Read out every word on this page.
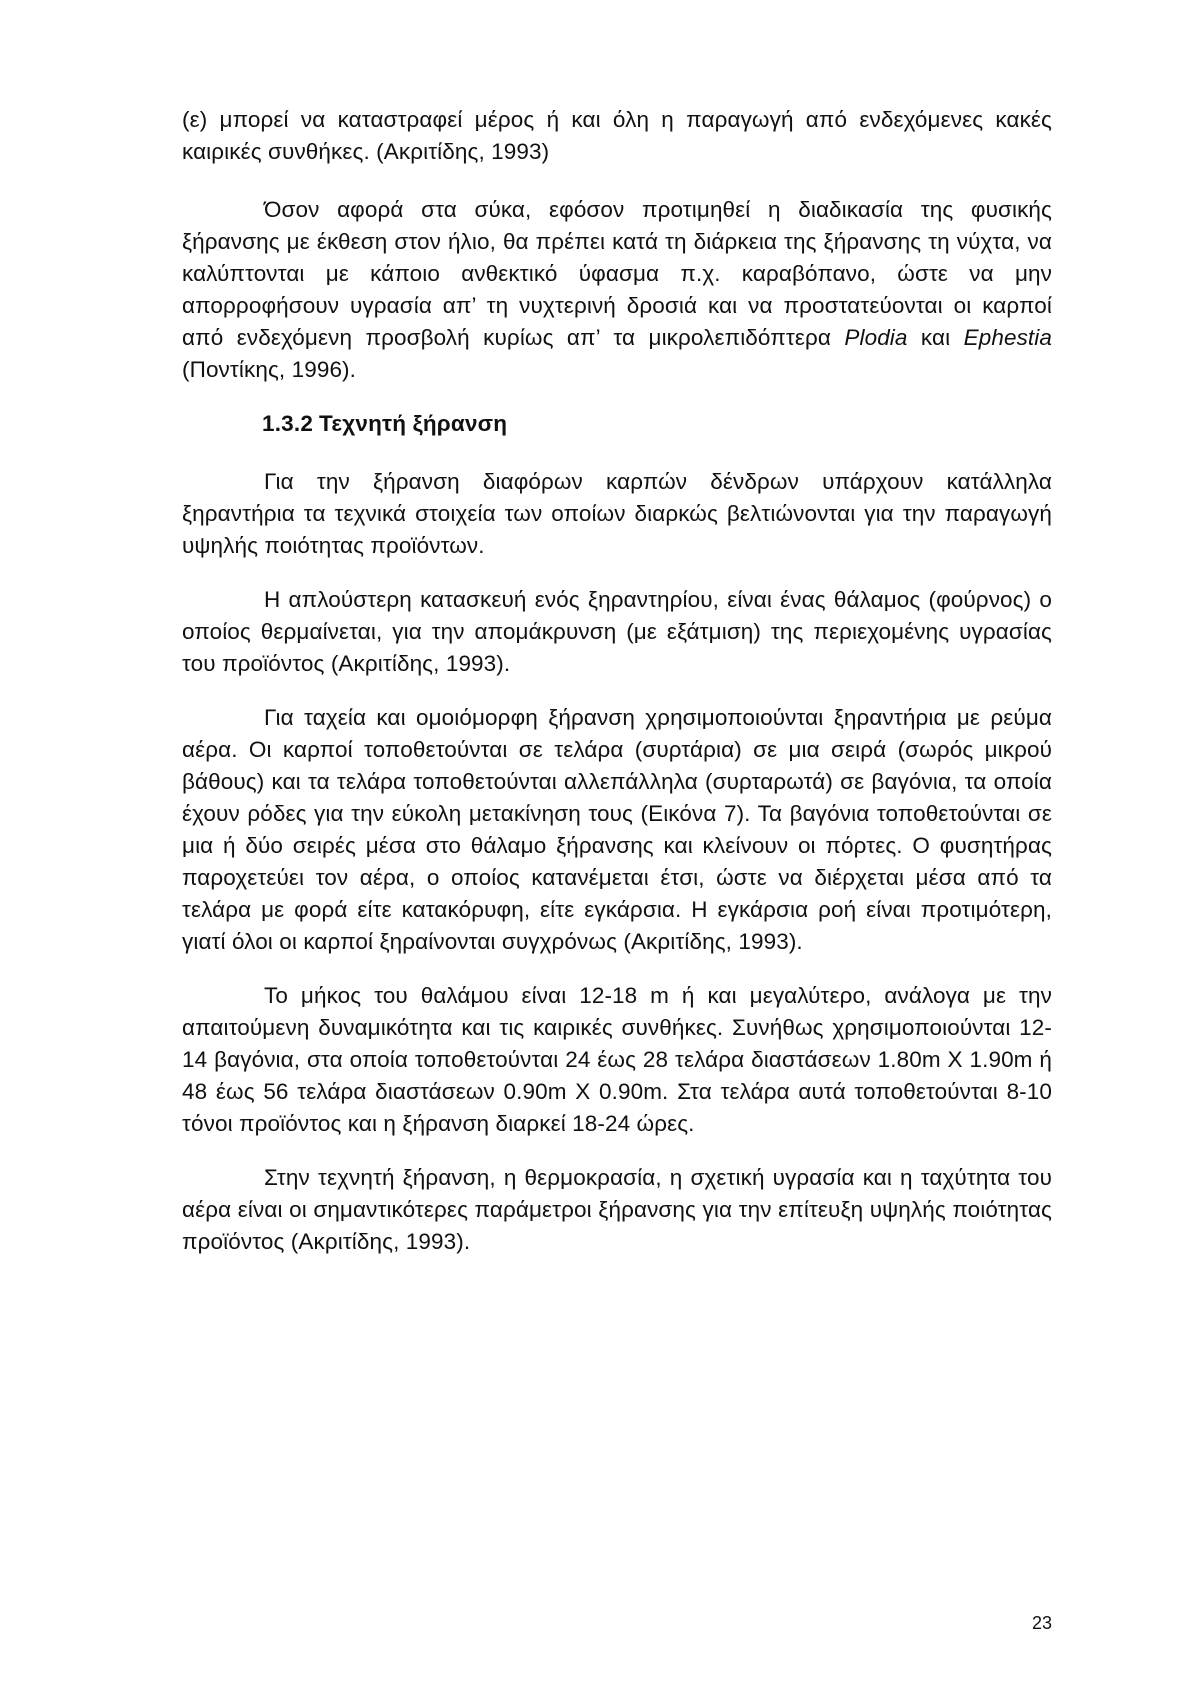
(ε) μπορεί να καταστραφεί μέρος ή και όλη η παραγωγή από ενδεχόμενες κακές καιρικές συνθήκες. (Ακριτίδης, 1993)

Όσον αφορά στα σύκα, εφόσον προτιμηθεί η διαδικασία της φυσικής ξήρανσης με έκθεση στον ήλιο, θα πρέπει κατά τη διάρκεια της ξήρανσης τη νύχτα, να καλύπτονται με κάποιο ανθεκτικό ύφασμα π.χ. καραβόπανο, ώστε να μην απορροφήσουν υγρασία απ’ τη νυχτερινή δροσιά και να προστατεύονται οι καρποί από ενδεχόμενη προσβολή κυρίως απ’ τα μικρολεπιδόπτερα Plodia και Ephestia (Ποντίκης, 1996).

1.3.2 Τεχνητή ξήρανση

Για την ξήρανση διαφόρων καρπών δένδρων υπάρχουν κατάλληλα ξηραντήρια τα τεχνικά στοιχεία των οποίων διαρκώς βελτιώνονται για την παραγωγή υψηλής ποιότητας προϊόντων.

Η απλούστερη κατασκευή ενός ξηραντηρίου, είναι ένας θάλαμος (φούρνος) ο οποίος θερμαίνεται, για την απομάκρυνση (με εξάτμιση) της περιεχομένης υγρασίας του προϊόντος (Ακριτίδης, 1993).

Για ταχεία και ομοιόμορφη ξήρανση χρησιμοποιούνται ξηραντήρια με ρεύμα αέρα. Οι καρποί τοποθετούνται σε τελάρα (συρτάρια) σε μια σειρά (σωρός μικρού βάθους) και τα τελάρα τοποθετούνται αλλεπάλληλα (συρταρωτά) σε βαγόνια, τα οποία έχουν ρόδες για την εύκολη μετακίνηση τους (Εικόνα 7). Τα βαγόνια τοποθετούνται σε μια ή δύο σειρές μέσα στο θάλαμο ξήρανσης και κλείνουν οι πόρτες. Ο φυσητήρας παροχετεύει τον αέρα, ο οποίος κατανέμεται έτσι, ώστε να διέρχεται μέσα από τα τελάρα με φορά είτε κατακόρυφη, είτε εγκάρσια. Η εγκάρσια ροή είναι προτιμότερη, γιατί όλοι οι καρποί ξηραίνονται συγχρόνως (Ακριτίδης, 1993).

Το μήκος του θαλάμου είναι 12-18 m ή και μεγαλύτερο, ανάλογα με την απαιτούμενη δυναμικότητα και τις καιρικές συνθήκες. Συνήθως χρησιμοποιούνται 12-14 βαγόνια, στα οποία τοποθετούνται 24 έως 28 τελάρα διαστάσεων 1.80m X 1.90m ή 48 έως 56 τελάρα διαστάσεων 0.90m X 0.90m. Στα τελάρα αυτά τοποθετούνται 8-10 τόνοι προϊόντος και η ξήρανση διαρκεί 18-24 ώρες.

Στην τεχνητή ξήρανση, η θερμοκρασία, η σχετική υγρασία και η ταχύτητα του αέρα είναι οι σημαντικότερες παράμετροι ξήρανσης για την επίτευξη υψηλής ποιότητας προϊόντος (Ακριτίδης, 1993).

23
